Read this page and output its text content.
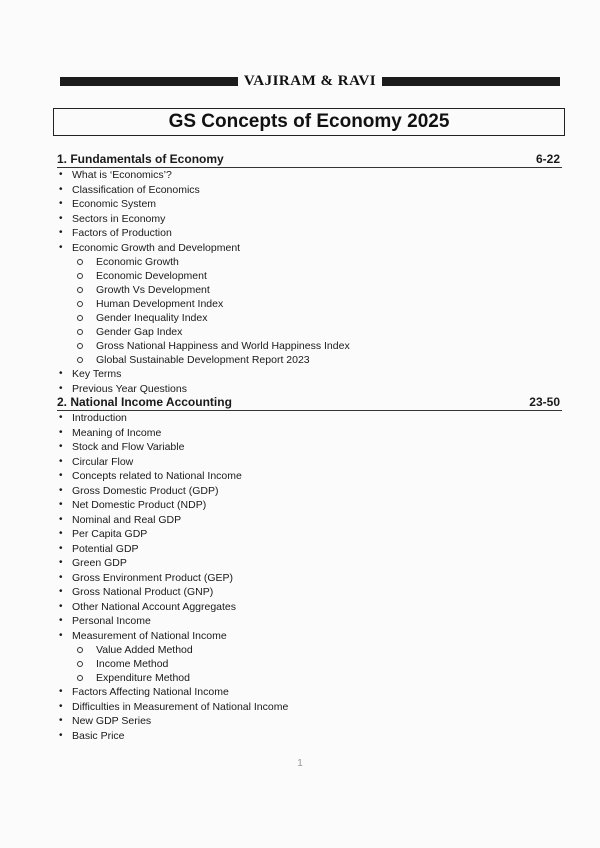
VAJIRAM & RAVI
GS Concepts of Economy 2025
1. Fundamentals of Economy	6-22
• What is ‘Economics’?
• Classification of Economics
• Economic System
• Sectors in Economy
• Factors of Production
• Economic Growth and Development
Economic Growth
Economic Development
Growth Vs Development
Human Development Index
Gender Inequality Index
Gender Gap Index
Gross National Happiness and World Happiness Index
Global Sustainable Development Report 2023
• Key Terms
• Previous Year Questions
2. National Income Accounting	23-50
• Introduction
• Meaning of Income
• Stock and Flow Variable
• Circular Flow
• Concepts related to National Income
• Gross Domestic Product (GDP)
• Net Domestic Product (NDP)
• Nominal and Real GDP
• Per Capita GDP
• Potential GDP
• Green GDP
• Gross Environment Product (GEP)
• Gross National Product (GNP)
• Other National Account Aggregates
• Personal Income
• Measurement of National Income
Value Added Method
Income Method
Expenditure Method
• Factors Affecting National Income
• Difficulties in Measurement of National Income
• New GDP Series
• Basic Price
1
